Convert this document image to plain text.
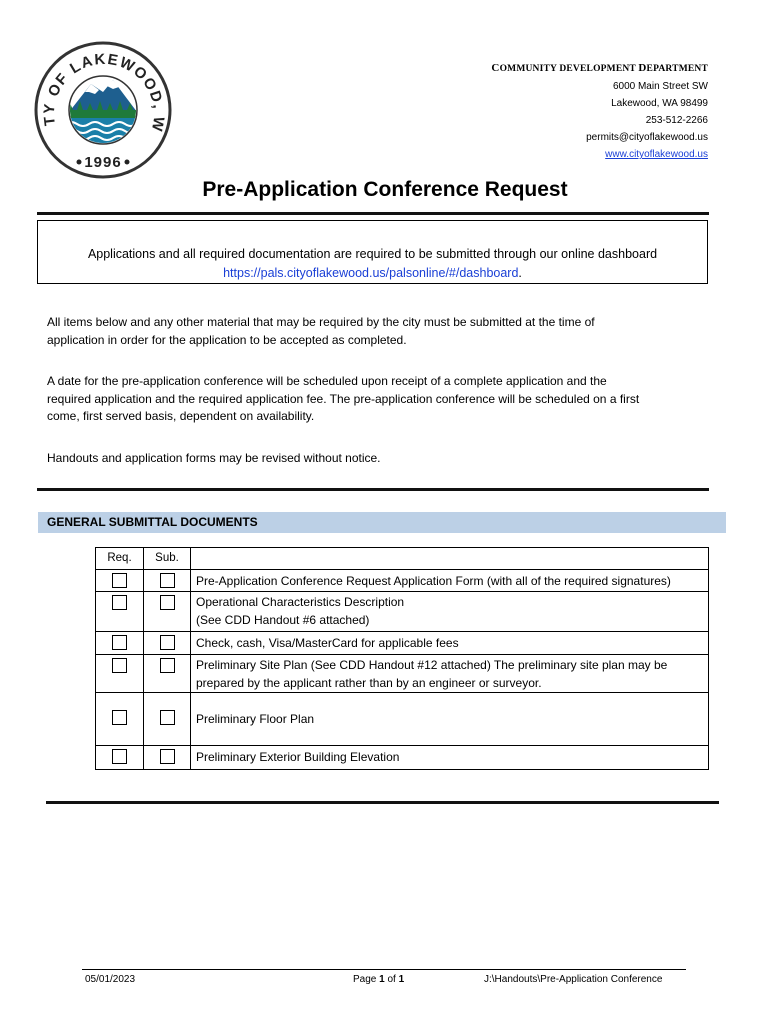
TY OF LAKEWOOD, W
1996
COMMUNITY DEVELOPMENT DEPARTMENT
6000 Main Street SW
Lakewood, WA 98499
253-512-2266
permits@cityoflakewood.us
www.cityoflakewood.us
Pre-Application Conference Request
Applications and all required documentation are required to be submitted through our online dashboard
https://pals.cityoflakewood.us/palsonline/#/dashboard.
All items below and any other material that may be required by the city must be submitted at the time of
application in order for the application to be accepted as completed.
A date for the pre-application conference will be scheduled upon receipt of a complete application and the
required application and the required application fee. The pre-application conference will be scheduled on a first
come, first served basis, dependent on availability.
Handouts and application forms may be revised without notice.
GENERAL SUBMITTAL DOCUMENTS
Req.	Sub.	

		Pre-Application Conference Request Application Form (with all of the required signatures)

		Operational Characteristics Description
(See CDD Handout #6 attached)

		Check, cash, Visa/MasterCard for applicable fees

		Preliminary Site Plan (See CDD Handout #12 attached) The preliminary site plan may be
prepared by the applicant rather than by an engineer or surveyor.

		Preliminary Floor Plan

		Preliminary Exterior Building Elevation
05/01/2023	Page 1 of 1	J:\Handouts\Pre-Application Conference
